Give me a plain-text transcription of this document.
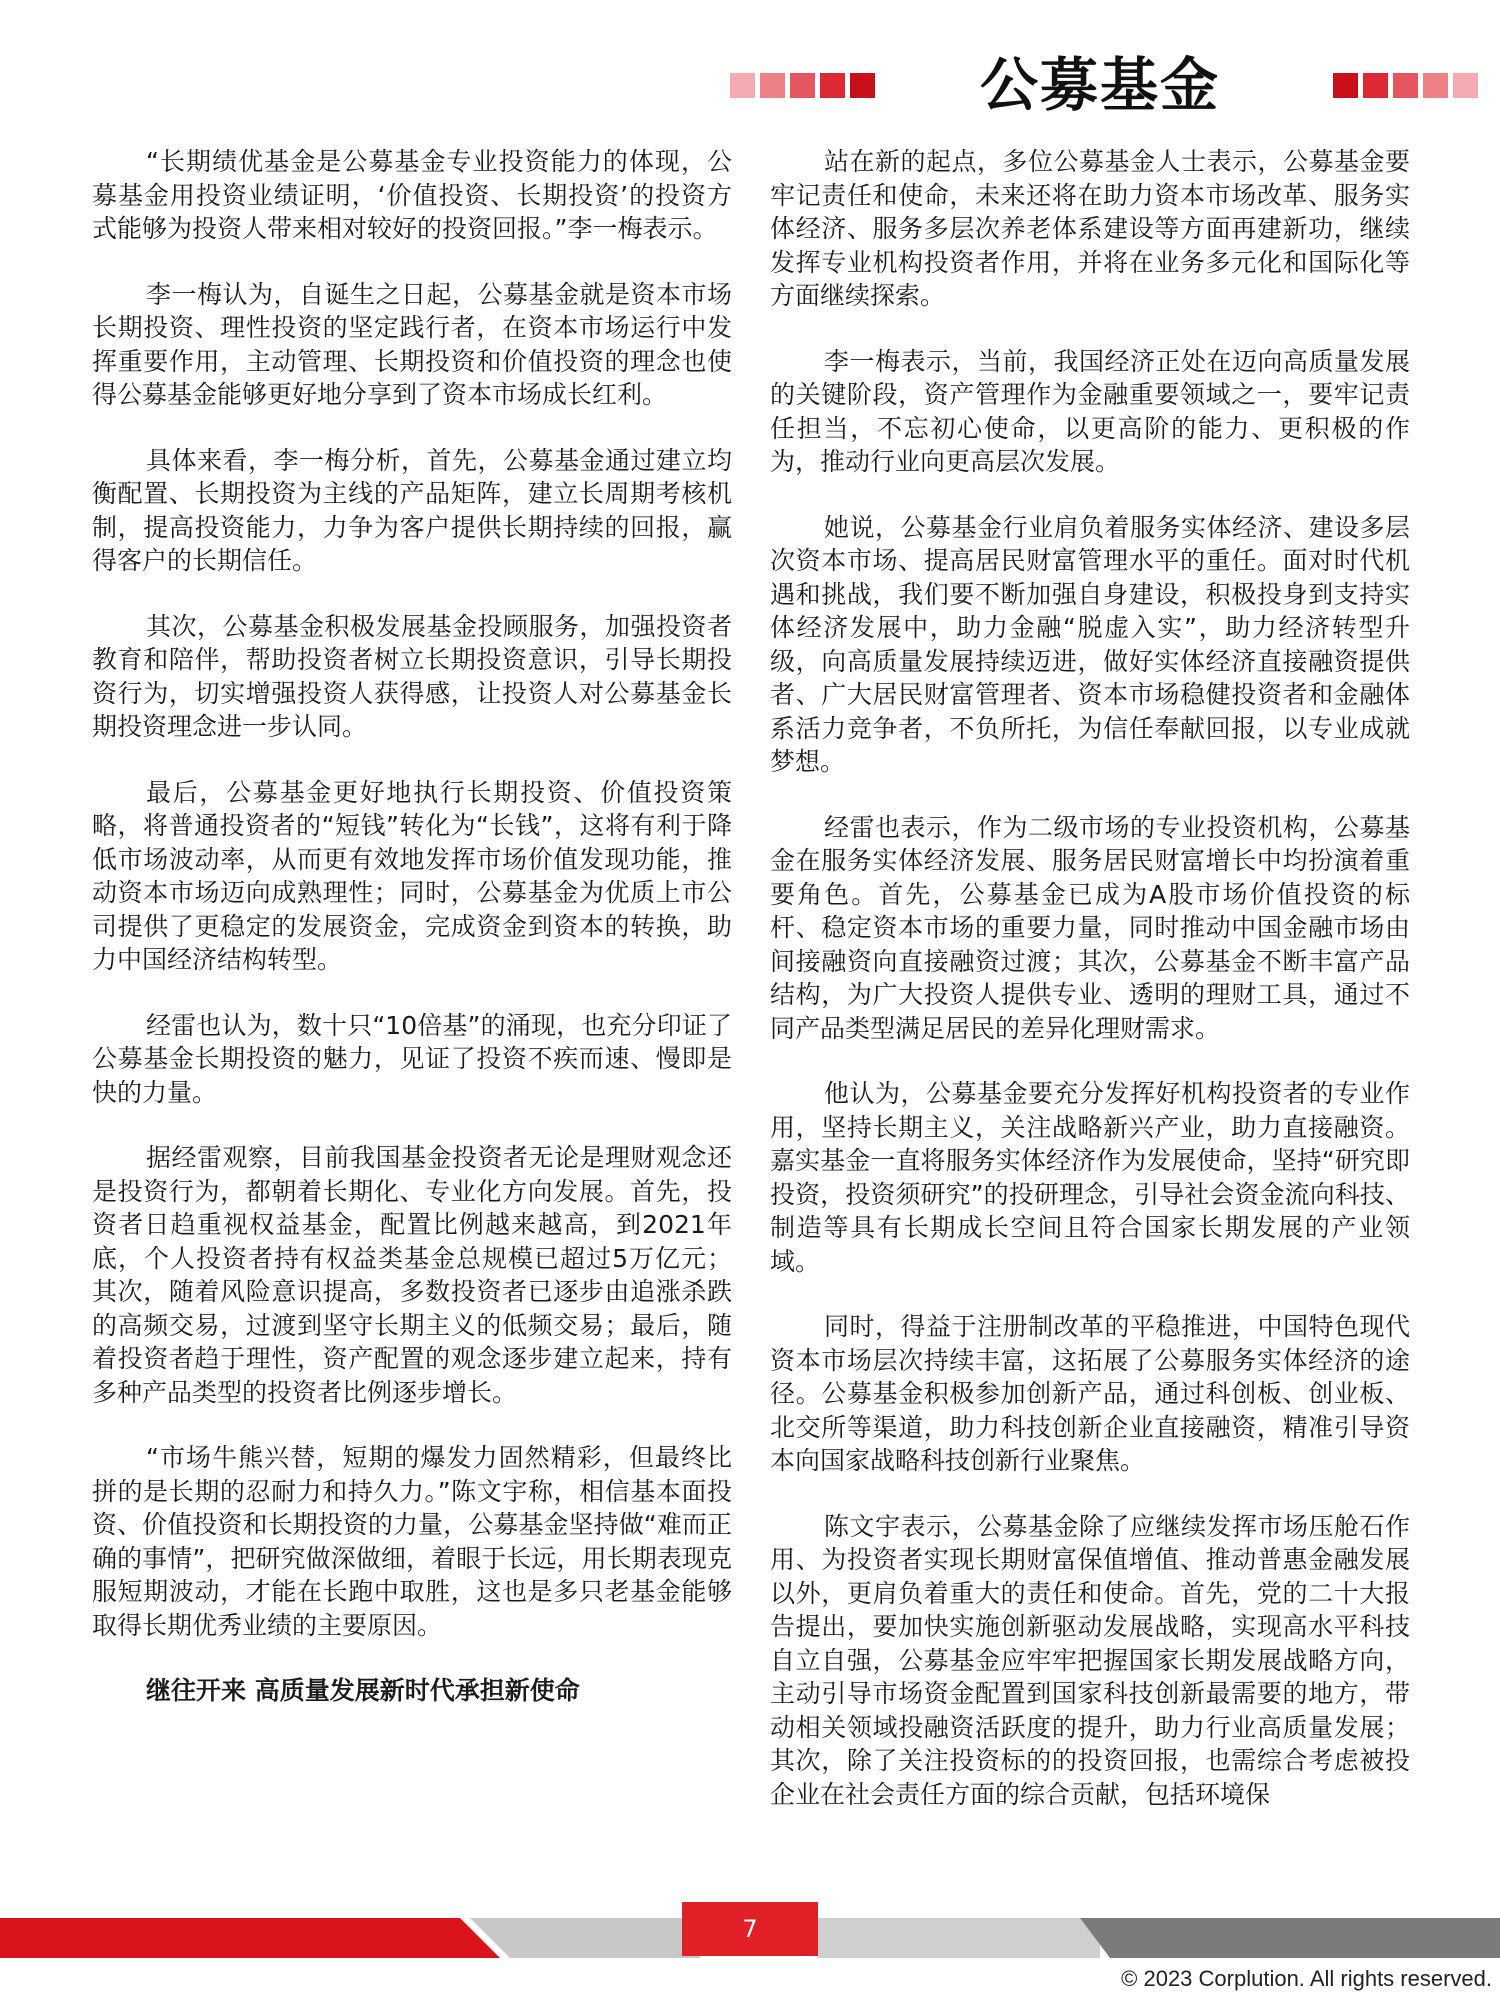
公募基金

“长期绩优基金是公募基金专业投资能力的体现，公募基金用投资业绩证明，‘价值投资、长期投资’的投资方式能够为投资人带来相对较好的投资回报。”李一梅表示。

李一梅认为，自诞生之日起，公募基金就是资本市场长期投资、理性投资的坚定践行者，在资本市场运行中发挥重要作用，主动管理、长期投资和价值投资的理念也使得公募基金能够更好地分享到了资本市场成长红利。

具体来看，李一梅分析，首先，公募基金通过建立均衡配置、长期投资为主线的产品矩阵，建立长周期考核机制，提高投资能力，力争为客户提供长期持续的回报，赢得客户的长期信任。

其次，公募基金积极发展基金投顾服务，加强投资者教育和陪伴，帮助投资者树立长期投资意识，引导长期投资行为，切实增强投资人获得感，让投资人对公募基金长期投资理念进一步认同。

最后，公募基金更好地执行长期投资、价值投资策略，将普通投资者的“短钱”转化为“长钱”，这将有利于降低市场波动率，从而更有效地发挥市场价值发现功能，推动资本市场迈向成熟理性；同时，公募基金为优质上市公司提供了更稳定的发展资金，完成资金到资本的转换，助力中国经济结构转型。

经雷也认为，数十只“10倍基”的涌现，也充分印证了公募基金长期投资的魅力，见证了投资不疾而速、慢即是快的力量。

据经雷观察，目前我国基金投资者无论是理财观念还是投资行为，都朝着长期化、专业化方向发展。首先，投资者日趋重视权益基金，配置比例越来越高，到2021年底，个人投资者持有权益类基金总规模已超过5万亿元；其次，随着风险意识提高，多数投资者已逐步由追涨杀跌的高频交易，过渡到坚守长期主义的低频交易；最后，随着投资者趋于理性，资产配置的观念逐步建立起来，持有多种产品类型的投资者比例逐步增长。

“市场牛熊兴替，短期的爆发力固然精彩，但最终比拼的是长期的忍耐力和持久力。”陈文宇称，相信基本面投资、价值投资和长期投资的力量，公募基金坚持做“难而正确的事情”，把研究做深做细，着眼于长远，用长期表现克服短期波动，才能在长跑中取胜，这也是多只老基金能够取得长期优秀业绩的主要原因。

继往开来 高质量发展新时代承担新使命

站在新的起点，多位公募基金人士表示，公募基金要牢记责任和使命，未来还将在助力资本市场改革、服务实体经济、服务多层次养老体系建设等方面再建新功，继续发挥专业机构投资者作用，并将在业务多元化和国际化等方面继续探索。

李一梅表示，当前，我国经济正处在迈向高质量发展的关键阶段，资产管理作为金融重要领域之一，要牢记责任担当，不忘初心使命，以更高阶的能力、更积极的作为，推动行业向更高层次发展。

她说，公募基金行业肩负着服务实体经济、建设多层次资本市场、提高居民财富管理水平的重任。面对时代机遇和挑战，我们要不断加强自身建设，积极投身到支持实体经济发展中，助力金融“脱虚入实”，助力经济转型升级，向高质量发展持续迈进，做好实体经济直接融资提供者、广大居民财富管理者、资本市场稳健投资者和金融体系活力竞争者，不负所托，为信任奉献回报，以专业成就梦想。

经雷也表示，作为二级市场的专业投资机构，公募基金在服务实体经济发展、服务居民财富增长中均扮演着重要角色。首先，公募基金已成为A股市场价值投资的标杆、稳定资本市场的重要力量，同时推动中国金融市场由间接融资向直接融资过渡；其次，公募基金不断丰富产品结构，为广大投资人提供专业、透明的理财工具，通过不同产品类型满足居民的差异化理财需求。

他认为，公募基金要充分发挥好机构投资者的专业作用，坚持长期主义，关注战略新兴产业，助力直接融资。嘉实基金一直将服务实体经济作为发展使命，坚持“研究即投资，投资须研究”的投研理念，引导社会资金流向科技、制造等具有长期成长空间且符合国家长期发展的产业领域。

同时，得益于注册制改革的平稳推进，中国特色现代资本市场层次持续丰富，这拓展了公募服务实体经济的途径。公募基金积极参加创新产品，通过科创板、创业板、北交所等渠道，助力科技创新企业直接融资，精准引导资本向国家战略科技创新行业聚焦。

陈文宇表示，公募基金除了应继续发挥市场压舱石作用、为投资者实现长期财富保值增值、推动普惠金融发展以外，更肩负着重大的责任和使命。首先，党的二十大报告提出，要加快实施创新驱动发展战略，实现高水平科技自立自强，公募基金应牢牢把握国家长期发展战略方向，主动引导市场资金配置到国家科技创新最需要的地方，带动相关领域投融资活跃度的提升，助力行业高质量发展；其次，除了关注投资标的的投资回报，也需综合考虑被投企业在社会责任方面的综合贡献，包括环境保

7
© 2023 Corplution. All rights reserved.
